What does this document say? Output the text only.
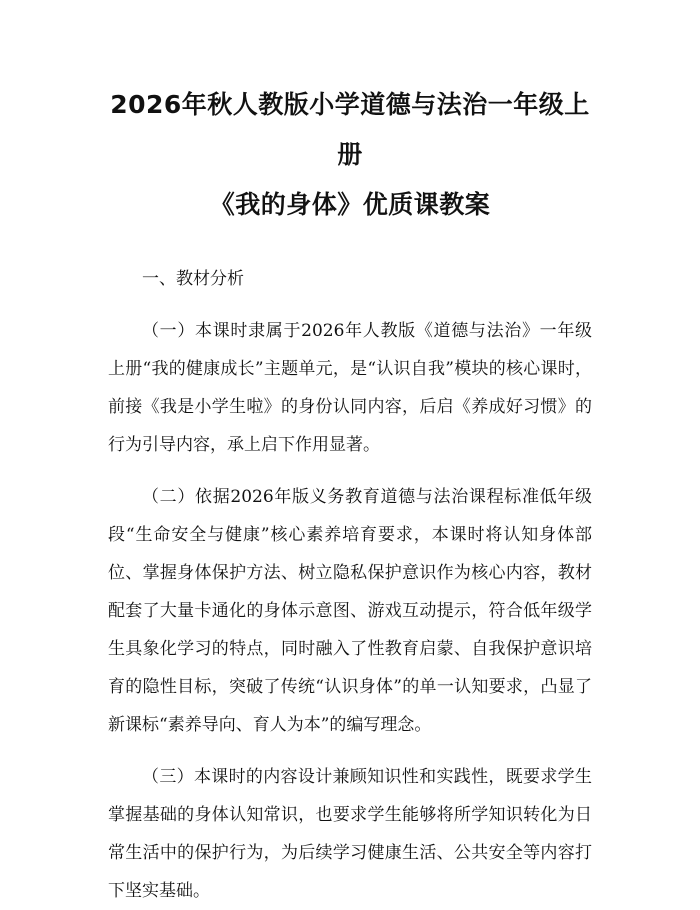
2026年秋人教版小学道德与法治一年级上册
《我的身体》优质课教案

一、教材分析

（一）本课时隶属于2026年人教版《道德与法治》一年级上册“我的健康成长”主题单元，是“认识自我”模块的核心课时，前接《我是小学生啦》的身份认同内容，后启《养成好习惯》的行为引导内容，承上启下作用显著。

（二）依据2026年版义务教育道德与法治课程标准低年级段“生命安全与健康”核心素养培育要求，本课时将认知身体部位、掌握身体保护方法、树立隐私保护意识作为核心内容，教材配套了大量卡通化的身体示意图、游戏互动提示，符合低年级学生具象化学习的特点，同时融入了性教育启蒙、自我保护意识培育的隐性目标，突破了传统“认识身体”的单一认知要求，凸显了新课标“素养导向、育人为本”的编写理念。

（三）本课时的内容设计兼顾知识性和实践性，既要求学生掌握基础的身体认知常识，也要求学生能够将所学知识转化为日常生活中的保护行为，为后续学习健康生活、公共安全等内容打下坚实基础。
